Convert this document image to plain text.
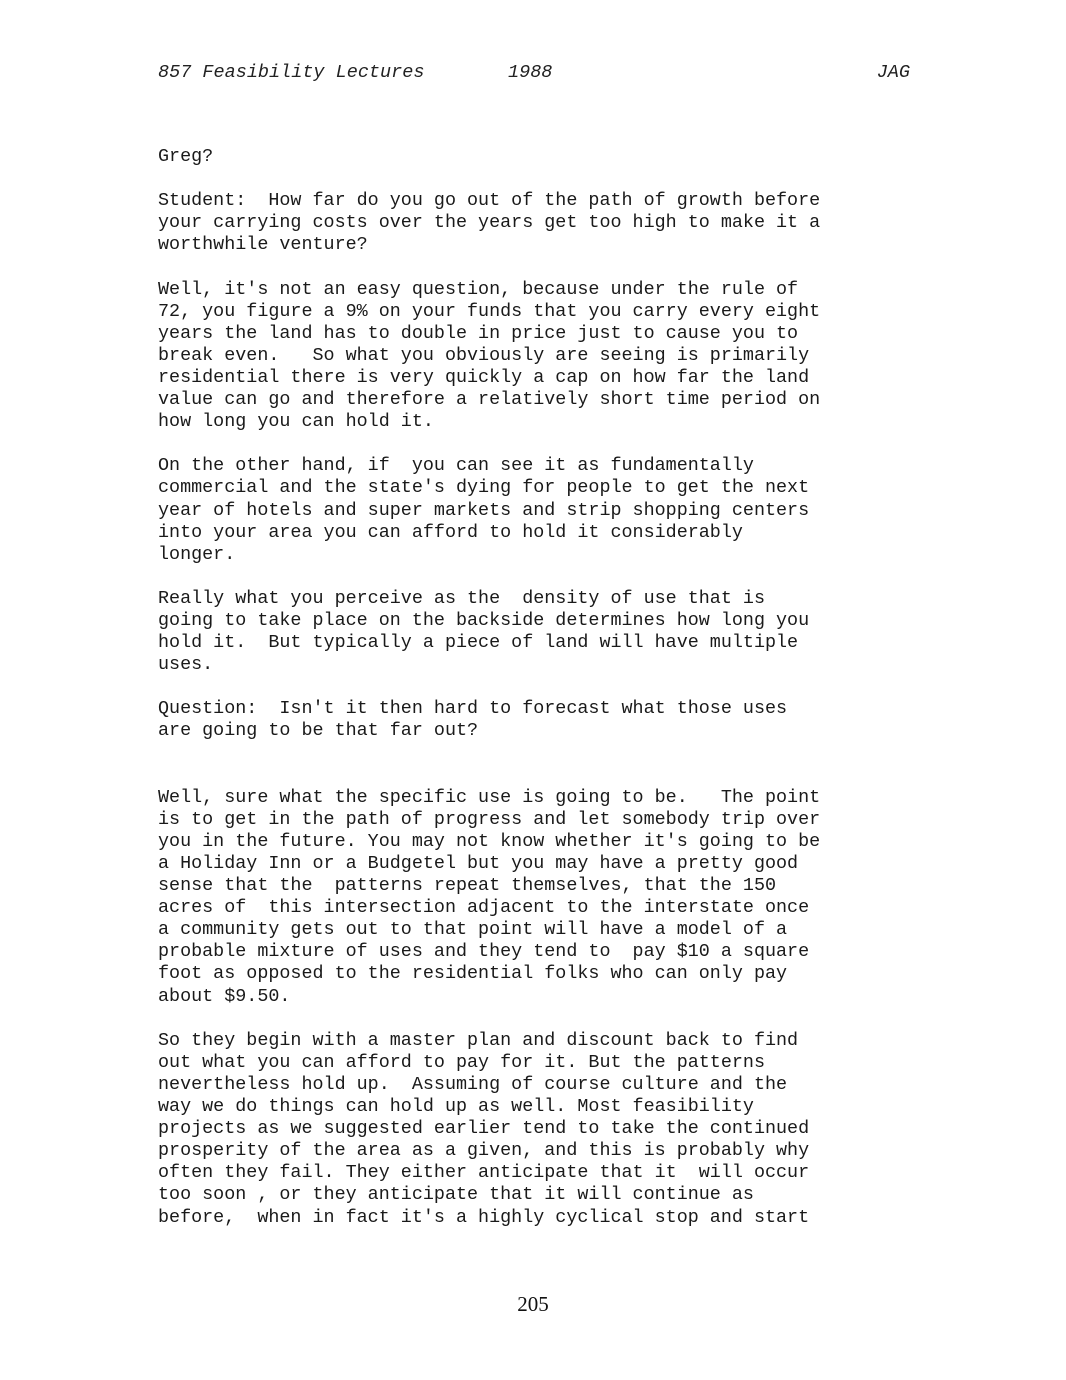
857 Feasibility Lectures	1988	JAG
Greg?
Student:  How far do you go out of the path of growth before
your carrying costs over the years get too high to make it a
worthwhile venture?
Well, it's not an easy question, because under the rule of
72, you figure a 9% on your funds that you carry every eight
years the land has to double in price just to cause you to
break even.   So what you obviously are seeing is primarily
residential there is very quickly a cap on how far the land
value can go and therefore a relatively short time period on
how long you can hold it.
On the other hand, if  you can see it as fundamentally
commercial and the state's dying for people to get the next
year of hotels and super markets and strip shopping centers
into your area you can afford to hold it considerably
longer.
Really what you perceive as the  density of use that is
going to take place on the backside determines how long you
hold it.  But typically a piece of land will have multiple
uses.
Question:  Isn't it then hard to forecast what those uses
are going to be that far out?
Well, sure what the specific use is going to be.   The point
is to get in the path of progress and let somebody trip over
you in the future. You may not know whether it's going to be
a Holiday Inn or a Budgetel but you may have a pretty good
sense that the  patterns repeat themselves, that the 150
acres of  this intersection adjacent to the interstate once
a community gets out to that point will have a model of a
probable mixture of uses and they tend to  pay $10 a square
foot as opposed to the residential folks who can only pay
about $9.50.
So they begin with a master plan and discount back to find
out what you can afford to pay for it. But the patterns
nevertheless hold up.  Assuming of course culture and the
way we do things can hold up as well. Most feasibility
projects as we suggested earlier tend to take the continued
prosperity of the area as a given, and this is probably why
often they fail. They either anticipate that it  will occur
too soon , or they anticipate that it will continue as
before,  when in fact it's a highly cyclical stop and start
205
